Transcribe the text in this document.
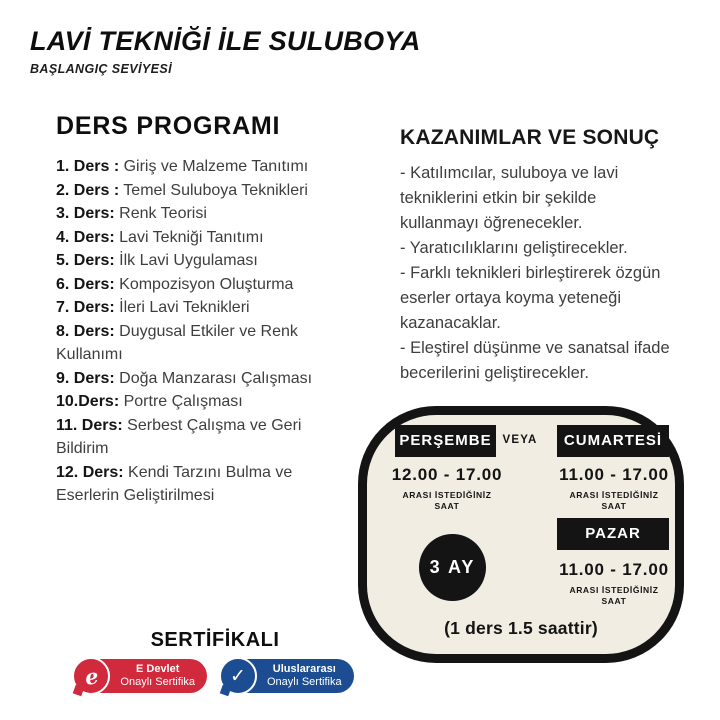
LAVİ TEKNİĞİ İLE SULUBOYA
BAŞLANGIÇ SEVİYESİ
DERS PROGRAMI
1. Ders : Giriş ve Malzeme Tanıtımı
2. Ders : Temel Suluboya Teknikleri
3. Ders: Renk Teorisi
4. Ders: Lavi Tekniği Tanıtımı
5. Ders: İlk Lavi Uygulaması
6. Ders: Kompozisyon Oluşturma
7. Ders: İleri Lavi Teknikleri
8. Ders: Duygusal Etkiler ve Renk Kullanımı
9. Ders: Doğa Manzarası Çalışması
10.Ders: Portre Çalışması
11. Ders: Serbest Çalışma ve Geri Bildirim
12. Ders: Kendi Tarzını Bulma ve Eserlerin Geliştirilmesi
KAZANIMLAR VE SONUÇ
- Katılımcılar, suluboya ve lavi tekniklerini etkin bir şekilde kullanmayı öğrenecekler.
- Yaratıcılıklarını geliştirecekler.
- Farklı teknikleri birleştirerek özgün eserler ortaya koyma yeteneği kazanacaklar.
- Eleştirel düşünme ve sanatsal ifade becerilerini geliştirecekler.
PERŞEMBE VEYA	CUMARTESİ
12.00 - 17.00	11.00 - 17.00
ARASI İSTEDİĞİNİZ
SAAT
ARASI İSTEDİĞİNİZ
SAAT
PAZAR
11.00 - 17.00
ARASI İSTEDİĞİNİZ
SAAT
3 AY
(1 ders 1.5 saattir)
SERTİFİKALI
E Devlet
Onaylı Sertifika
e	Uluslararası
Onaylı Sertifika
✓
